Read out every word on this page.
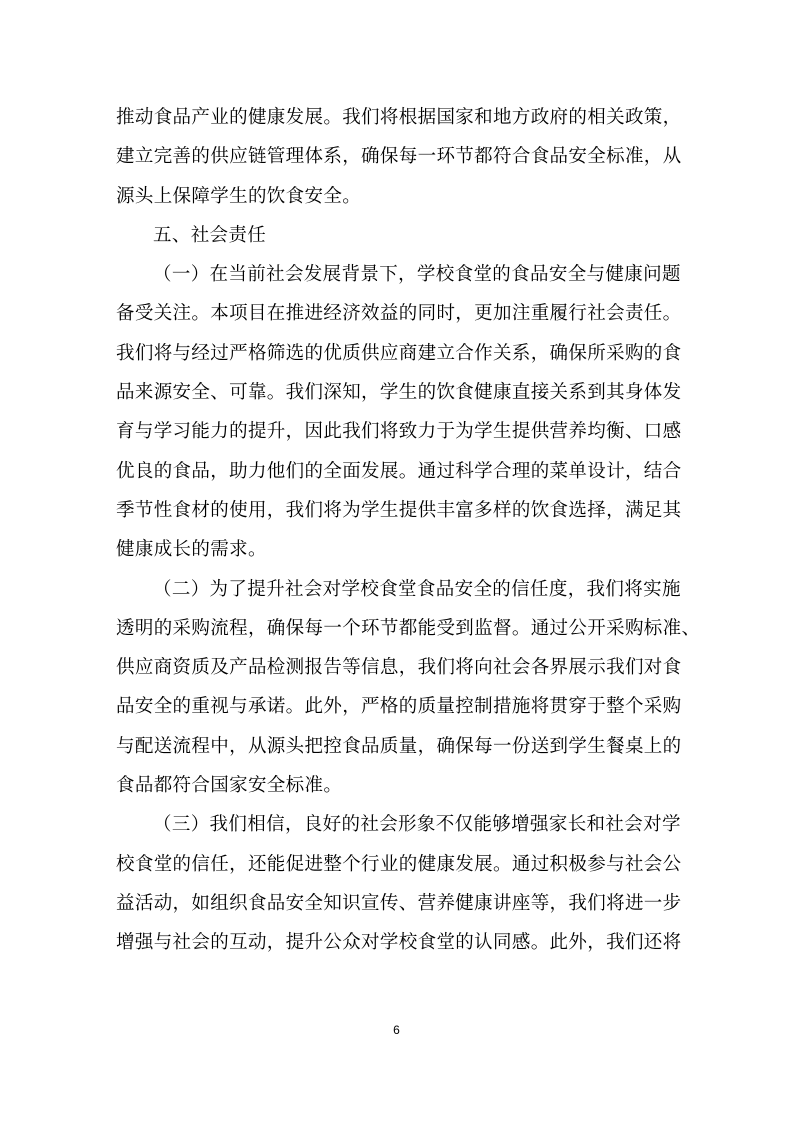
推动食品产业的健康发展。我们将根据国家和地方政府的相关政策，
建立完善的供应链管理体系，确保每一环节都符合食品安全标准，从
源头上保障学生的饮食安全。

五、社会责任

（一）在当前社会发展背景下，学校食堂的食品安全与健康问题
备受关注。本项目在推进经济效益的同时，更加注重履行社会责任。
我们将与经过严格筛选的优质供应商建立合作关系，确保所采购的食
品来源安全、可靠。我们深知，学生的饮食健康直接关系到其身体发
育与学习能力的提升，因此我们将致力于为学生提供营养均衡、口感
优良的食品，助力他们的全面发展。通过科学合理的菜单设计，结合
季节性食材的使用，我们将为学生提供丰富多样的饮食选择，满足其
健康成长的需求。

（二）为了提升社会对学校食堂食品安全的信任度，我们将实施
透明的采购流程，确保每一个环节都能受到监督。通过公开采购标准、
供应商资质及产品检测报告等信息，我们将向社会各界展示我们对食
品安全的重视与承诺。此外，严格的质量控制措施将贯穿于整个采购
与配送流程中，从源头把控食品质量，确保每一份送到学生餐桌上的
食品都符合国家安全标准。

（三）我们相信，良好的社会形象不仅能够增强家长和社会对学
校食堂的信任，还能促进整个行业的健康发展。通过积极参与社会公
益活动，如组织食品安全知识宣传、营养健康讲座等，我们将进一步
增强与社会的互动，提升公众对学校食堂的认同感。此外，我们还将

6
